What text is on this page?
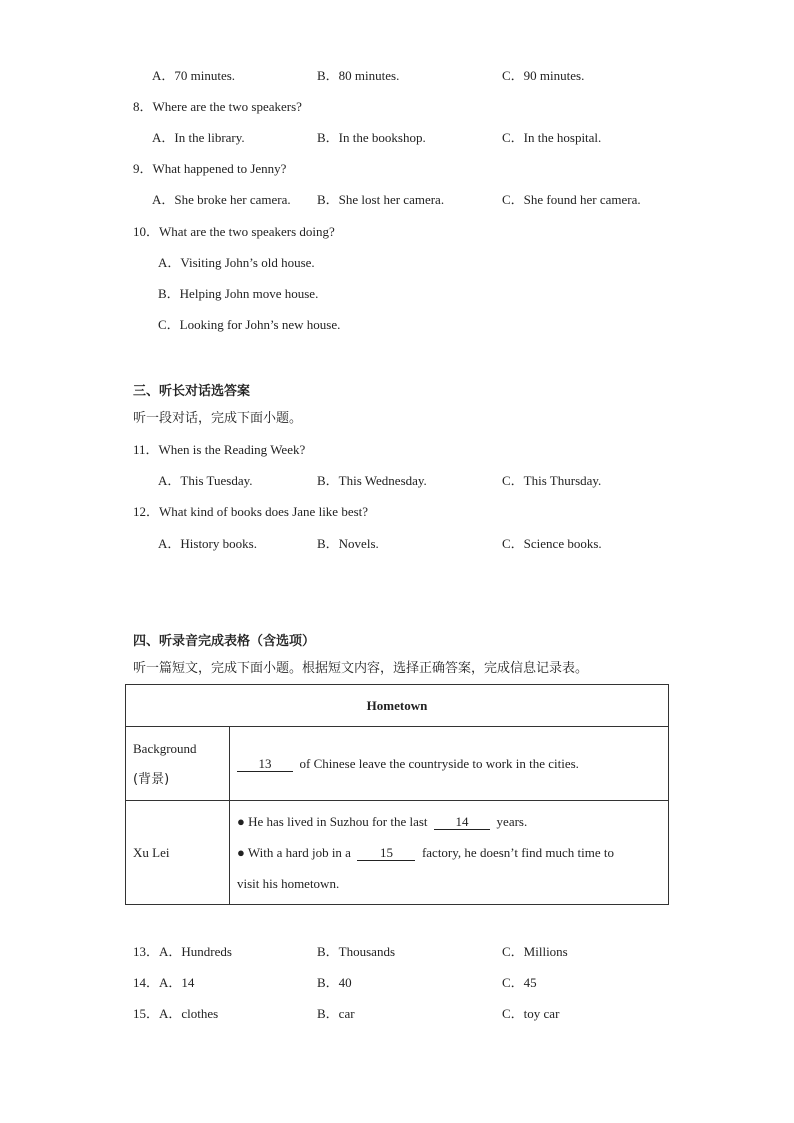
A．70 minutes.	B．80 minutes.	C．90 minutes.
8．Where are the two speakers?
A．In the library.	B．In the bookshop.	C．In the hospital.
9．What happened to Jenny?
A．She broke her camera. B．She lost her camera.	C．She found her camera.
10．What are the two speakers doing?
A．Visiting John’s old house.
B．Helping John move house.
C．Looking for John’s new house.
三、听长对话选答案
听一段对话，完成下面小题。
11．When is the Reading Week?
A．This Tuesday.	B．This Wednesday.	C．This Thursday.
12．What kind of books does Jane like best?
A．History books.	B．Novels.	C．Science books.
四、听录音完成表格（含选项）
听一篇短文，完成下面小题。根据短文内容，选择正确答案，完成信息记录表。
Hometown	

Background
(背景)	13 of Chinese leave the countryside to work in the cities.
Xu Lei	● He has lived in Suzhou for the last 14 years.
● With a hard job in a 15 factory, he doesn’t find much time to
visit his hometown.
13．A．Hundreds	B．Thousands	C．Millions
14．A．14	B．40	C．45
15．A．clothes	B．car	C．toy car
